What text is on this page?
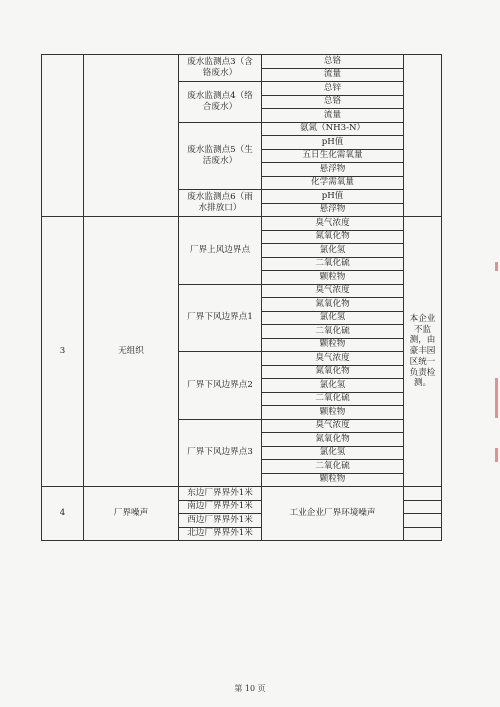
		废水监测点3（含铬废水）	总铬	
			流量	
		废水监测点4（络合废水）	总锌	
			总铬	
			流量	
		废水监测点5（生活废水）	氨氮（NH3-N）	
			pH值	
			五日生化需氧量	
			悬浮物	
			化学需氧量	
		废水监测点6（雨水排放口）	pH值	
			悬浮物	
3	无组织	厂界上风边界点	臭气浓度	本企业不监测，由豪丰园区统一负责检测。
			氮氧化物	
			氯化氢	
			二氧化硫	
			颗粒物	
		厂界下风边界点1	臭气浓度	
			氮氧化物	
			氯化氢	
			二氧化硫	
			颗粒物	
		厂界下风边界点2	臭气浓度	
			氮氧化物	
			氯化氢	
			二氧化硫	
			颗粒物	
		厂界下风边界点3	臭气浓度	
			氮氧化物	
			氯化氢	
			二氧化硫	
			颗粒物	
4	厂界噪声	东边厂界界外1米	工业企业厂界环境噪声	
		南边厂界界外1米		
		西边厂界界外1米		
		北边厂界界外1米		
第 10 页
